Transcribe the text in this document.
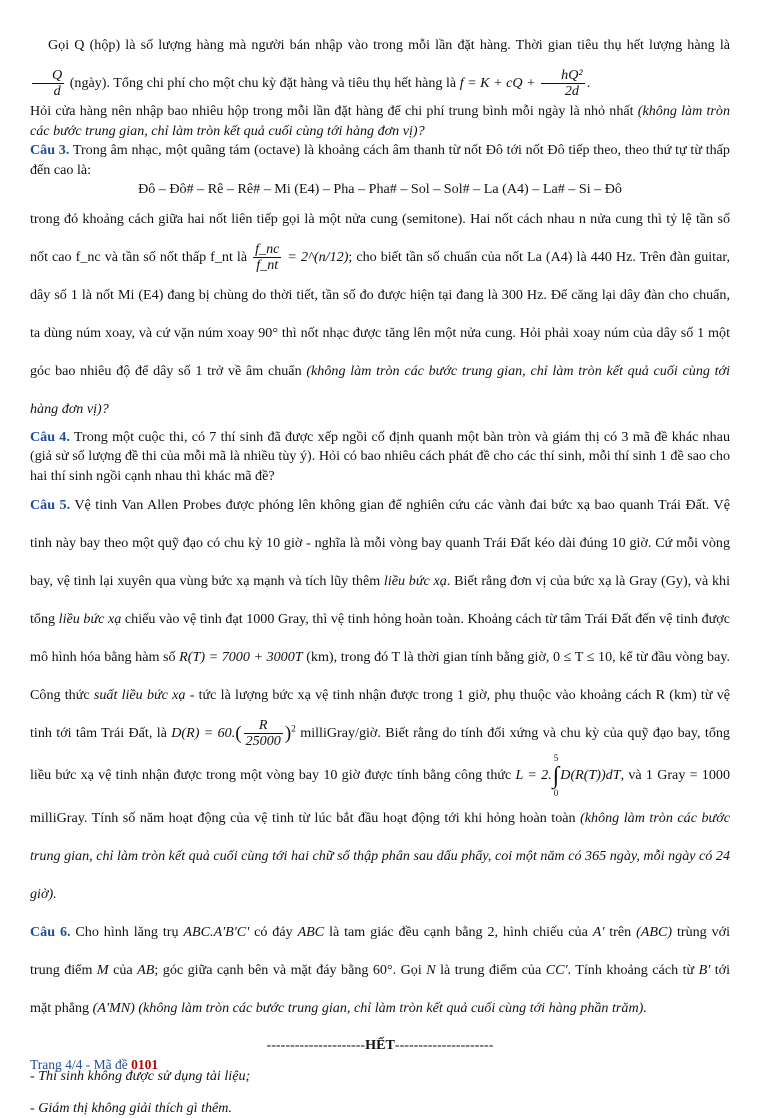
Gọi Q (hộp) là số lượng hàng mà người bán nhập vào trong mỗi lần đặt hàng. Thời gian tiêu thụ hết lượng hàng là
$\frac{Q}{d}$ (ngày). Tổng chi phí cho một chu kỳ đặt hàng và tiêu thụ hết hàng là f = K + cQ + $\frac{\text{hQ²}}{2d}$ .

Hỏi cửa hàng nên nhập bao nhiêu hộp trong mỗi lần đặt hàng để chi phí trung bình mỗi ngày là nhỏ nhất (không làm tròn các bước trung gian, chỉ làm tròn kết quả cuối cùng tới hàng đơn vị)?

Câu 3. Trong âm nhạc, một quãng tám (octave) là khoảng cách âm thanh từ nốt Đô tới nốt Đô tiếp theo, theo thứ tự từ thấp đến cao là:

Đô – Đô# – Rê – Rê# – Mi (E4) – Pha – Pha# – Sol – Sol# – La (A4) – La# – Si – Đô

trong đó khoảng cách giữa hai nốt liên tiếp gọi là một nửa cung (semitone). Hai nốt cách nhau n nửa cung thì tỷ lệ tần số nốt cao f_nc và tần số nốt thấp f_nt là $\frac{f\_nc}{f\_nt}$ = 2^(n/12); cho biết tần số chuẩn của nốt La (A4) là 440 Hz. Trên đàn guitar, dây số 1 là nốt Mi (E4) đang bị chùng do thời tiết, tần số đo được hiện tại đang là 300 Hz. Để căng lại dây đàn cho chuẩn, ta dùng núm xoay, và cứ vặn núm xoay 90° thì nốt nhạc được tăng lên một nửa cung. Hỏi phải xoay núm của dây số 1 một góc bao nhiêu độ để dây số 1 trở về âm chuẩn (không làm tròn các bước trung gian, chỉ làm tròn kết quả cuối cùng tới hàng đơn vị)?

Câu 4. Trong một cuộc thi, có 7 thí sinh đã được xếp ngồi cố định quanh một bàn tròn và giám thị có 3 mã đề khác nhau (giả sử số lượng đề thi của mỗi mã là nhiều tùy ý). Hỏi có bao nhiêu cách phát đề cho các thí sinh, mỗi thí sinh 1 đề sao cho hai thí sinh ngồi cạnh nhau thì khác mã đề?

Câu 5. Vệ tinh Van Allen Probes được phóng lên không gian để nghiên cứu các vành đai bức xạ bao quanh Trái Đất. Vệ tinh này bay theo một quỹ đạo có chu kỳ 10 giờ - nghĩa là mỗi vòng bay quanh Trái Đất kéo dài đúng 10 giờ. Cứ mỗi vòng bay, vệ tinh lại xuyên qua vùng bức xạ mạnh và tích lũy thêm liều bức xạ. Biết rằng đơn vị của bức xạ là Gray (Gy), và khi tổng liều bức xạ chiếu vào vệ tinh đạt 1000 Gray, thì vệ tinh hỏng hoàn toàn. Khoảng cách từ tâm Trái Đất đến vệ tinh được mô hình hóa bằng hàm số R(T) = 7000 + 3000T (km), trong đó T là thời gian tính bằng giờ, 0 ≤ T ≤ 10, kể từ đầu vòng bay. Công thức suất liều bức xạ - tức là lượng bức xạ vệ tinh nhận được trong 1 giờ, phụ thuộc vào khoảng cách R (km) từ vệ tinh tới tâm Trái Đất, là $D(R) = 60.( \frac{R}{25000} )^2$ milliGray/giờ. Biết rằng do tính đối xứng và chu kỳ của quỹ đạo bay, tổng liều bức xạ vệ tinh nhận được trong một vòng bay 10 giờ được tính bằng công thức L = 2.5
∫
0D(R(T))dT, và 1 Gray = 1000 milliGray. Tính số năm hoạt động của vệ tinh từ lúc bắt đầu hoạt động tới khi hỏng hoàn toàn (không làm tròn các bước trung gian, chỉ làm tròn kết quả cuối cùng tới hai chữ số thập phân sau dấu phẩy, coi một năm có 365 ngày, mỗi ngày có 24 giờ).

Câu 6. Cho hình lăng trụ ABC.A'B'C' có đáy ABC là tam giác đều cạnh bằng 2, hình chiếu của A' trên (ABC) trùng với trung điểm M của AB; góc giữa cạnh bên và mặt đáy bằng 60°. Gọi N là trung điểm của CC'. Tính khoảng cách từ B' tới mặt phẳng (A'MN) (không làm tròn các bước trung gian, chỉ làm tròn kết quả cuối cùng tới hàng phần trăm).

---------------------HẾT---------------------

- Thí sinh không được sử dụng tài liệu;

- Giám thị không giải thích gì thêm.

Trang 4/4 - Mã đề 0101
